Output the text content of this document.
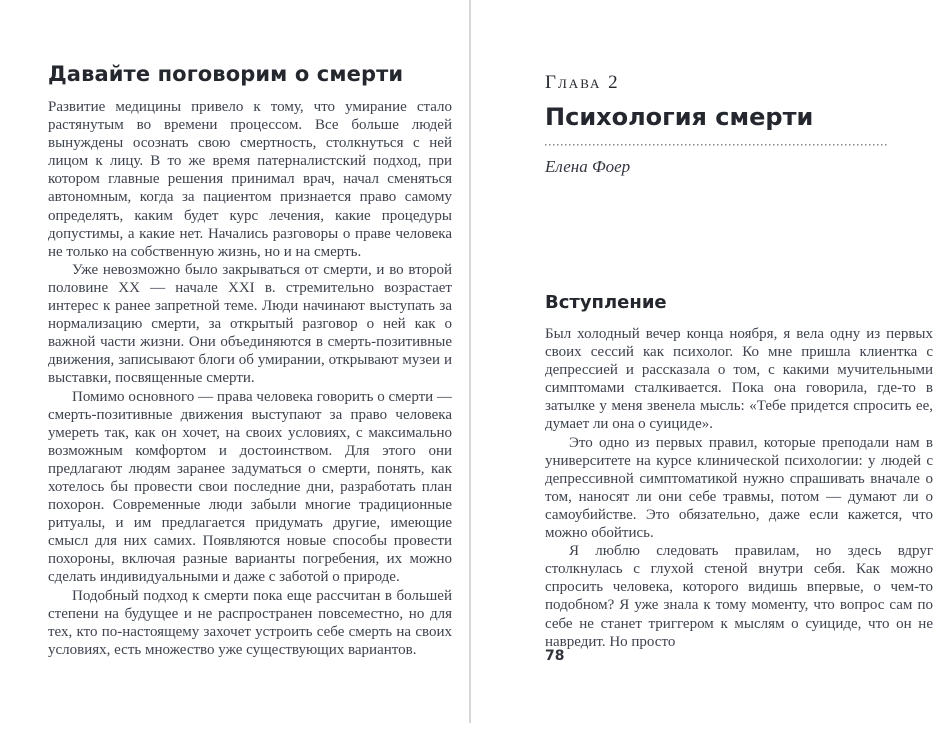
Давайте поговорим о смерти

Развитие медицины привело к тому, что умирание стало растянутым во времени процессом. Все больше людей вынуждены осознать свою смертность, столкнуться с ней лицом к лицу. В то же время патерналистский подход, при котором главные решения принимал врач, начал сменяться автономным, когда за пациентом признается право самому определять, каким будет курс лечения, какие процедуры допустимы, а какие нет. Начались разговоры о праве человека не только на собственную жизнь, но и на смерть.

Уже невозможно было закрываться от смерти, и во второй половине XX — начале XXI в. стремительно возрастает интерес к ранее запретной теме. Люди начинают выступать за нормализацию смерти, за открытый разговор о ней как о важной части жизни. Они объединяются в смерть-позитивные движения, записывают блоги об умирании, открывают музеи и выставки, посвященные смерти.

Помимо основного — права человека говорить о смерти — смерть-позитивные движения выступают за право человека умереть так, как он хочет, на своих условиях, с максимально возможным комфортом и достоинством. Для этого они предлагают людям заранее задуматься о смерти, понять, как хотелось бы провести свои последние дни, разработать план похорон. Современные люди забыли многие традиционные ритуалы, и им предлагается придумать другие, имеющие смысл для них самих. Появляются новые способы провести похороны, включая разные варианты погребения, их можно сделать индивидуальными и даже с заботой о природе.

Подобный подход к смерти пока еще рассчитан в большей степени на будущее и не распространен повсеместно, но для тех, кто по-настоящему захочет устроить себе смерть на своих условиях, есть множество уже существующих вариантов.

Глава 2
Психология смерти
Елена Фоер
Вступление

Был холодный вечер конца ноября, я вела одну из первых своих сессий как психолог. Ко мне пришла клиентка с депрессией и рассказала о том, с какими мучительными симптомами сталкивается. Пока она говорила, где-то в затылке у меня звенела мысль: «Тебе придется спросить ее, думает ли она о суициде».

Это одно из первых правил, которые преподали нам в университете на курсе клинической психологии: у людей с депрессивной симптоматикой нужно спрашивать вначале о том, наносят ли они себе травмы, потом — думают ли о самоубийстве. Это обязательно, даже если кажется, что можно обойтись.

Я люблю следовать правилам, но здесь вдруг столкнулась с глухой стеной внутри себя. Как можно спросить человека, которого видишь впервые, о чем-то подобном? Я уже знала к тому моменту, что вопрос сам по себе не станет триггером к мыслям о суициде, что он не навредит. Но просто

78
